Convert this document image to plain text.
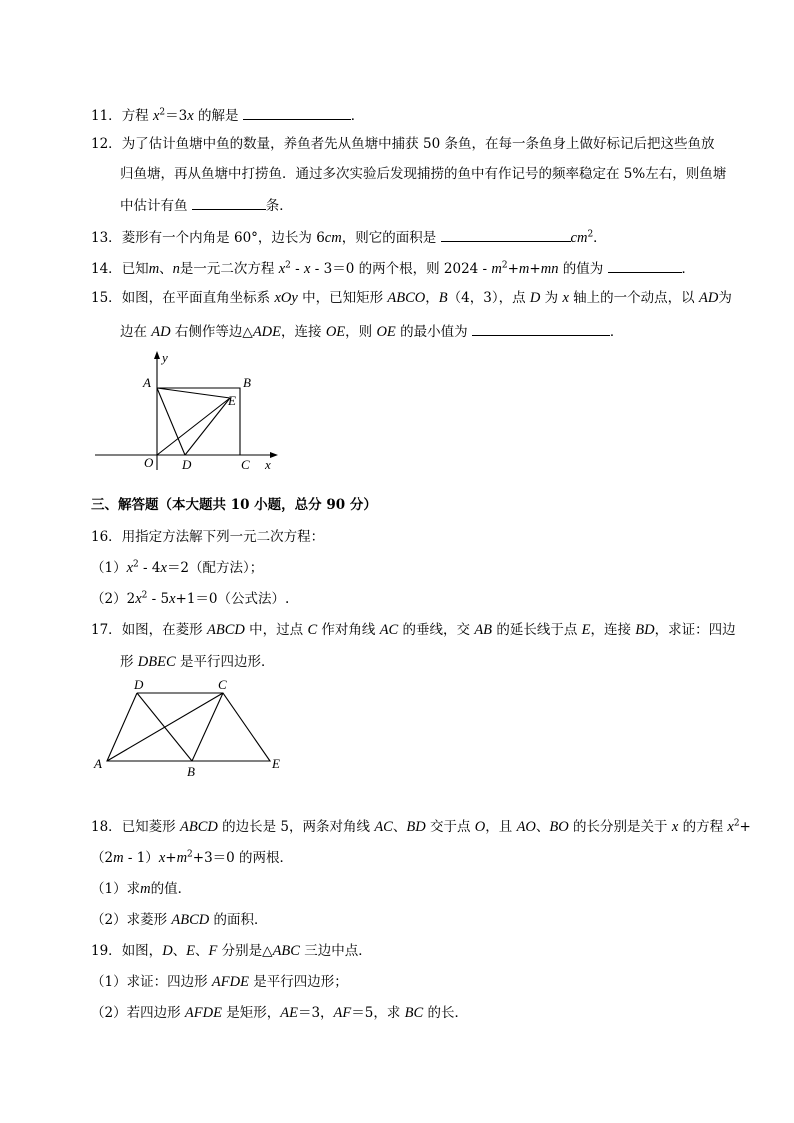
11．方程 $x^2=3x$ 的解是	．
12．为了估计鱼塘中鱼的数量，养鱼者先从鱼塘中捕获 50 条鱼，在每一条鱼身上做好标记后把这些鱼放
归鱼塘，再从鱼塘中打捞鱼．通过多次实验后发现捕捞的鱼中有作记号的频率稳定在 5%左右，则鱼塘
中估计有鱼	条．
13．菱形有一个内角是 60°，边长为 6cm，则它的面积是	$cm^2$．
14．已知m、n是一元二次方程 $x^2 - x - 3=0$ 的两个根，则 $2024 - m^2+m+mn$ 的值为	．
15．如图，在平面直角坐标系 xOy 中，已知矩形 ABCO，B（4，3），点 D 为 x 轴上的一个动点，以 AD为
边在 AD 右侧作等边△ADE，连接 OE，则 OE 的最小值为	．
y
A	B
E
O D	C x
三、解答题（本大题共 10 小题，总分 90 分）
16．用指定方法解下列一元二次方程：
$(1)x^2 - 4x=2$（配方法）；
$(2)2x^2 - 5x+1=0$（公式法）.
17．如图，在菱形 ABCD 中，过点 C 作对角线 AC 的垂线，交 AB 的延长线于点 E，连接 BD，求证：四边
形 DBEC 是平行四边形．
D	C
A
B
E
18．已知菱形 ABCD 的边长是 5，两条对角线 AC、BD 交于点 O，且 AO、BO 的长分别是关于 x 的方程 $x^2+$
$(2m - 1)x+m^2+3=0$ 的两根．
（1）求m的值．
（2）求菱形 ABCD 的面积．
19．如图，D、E、F 分别是△ABC 三边中点．
（1）求证：四边形 AFDE 是平行四边形；
（2）若四边形 AFDE 是矩形，AE＝3，AF＝5，求 BC 的长．
